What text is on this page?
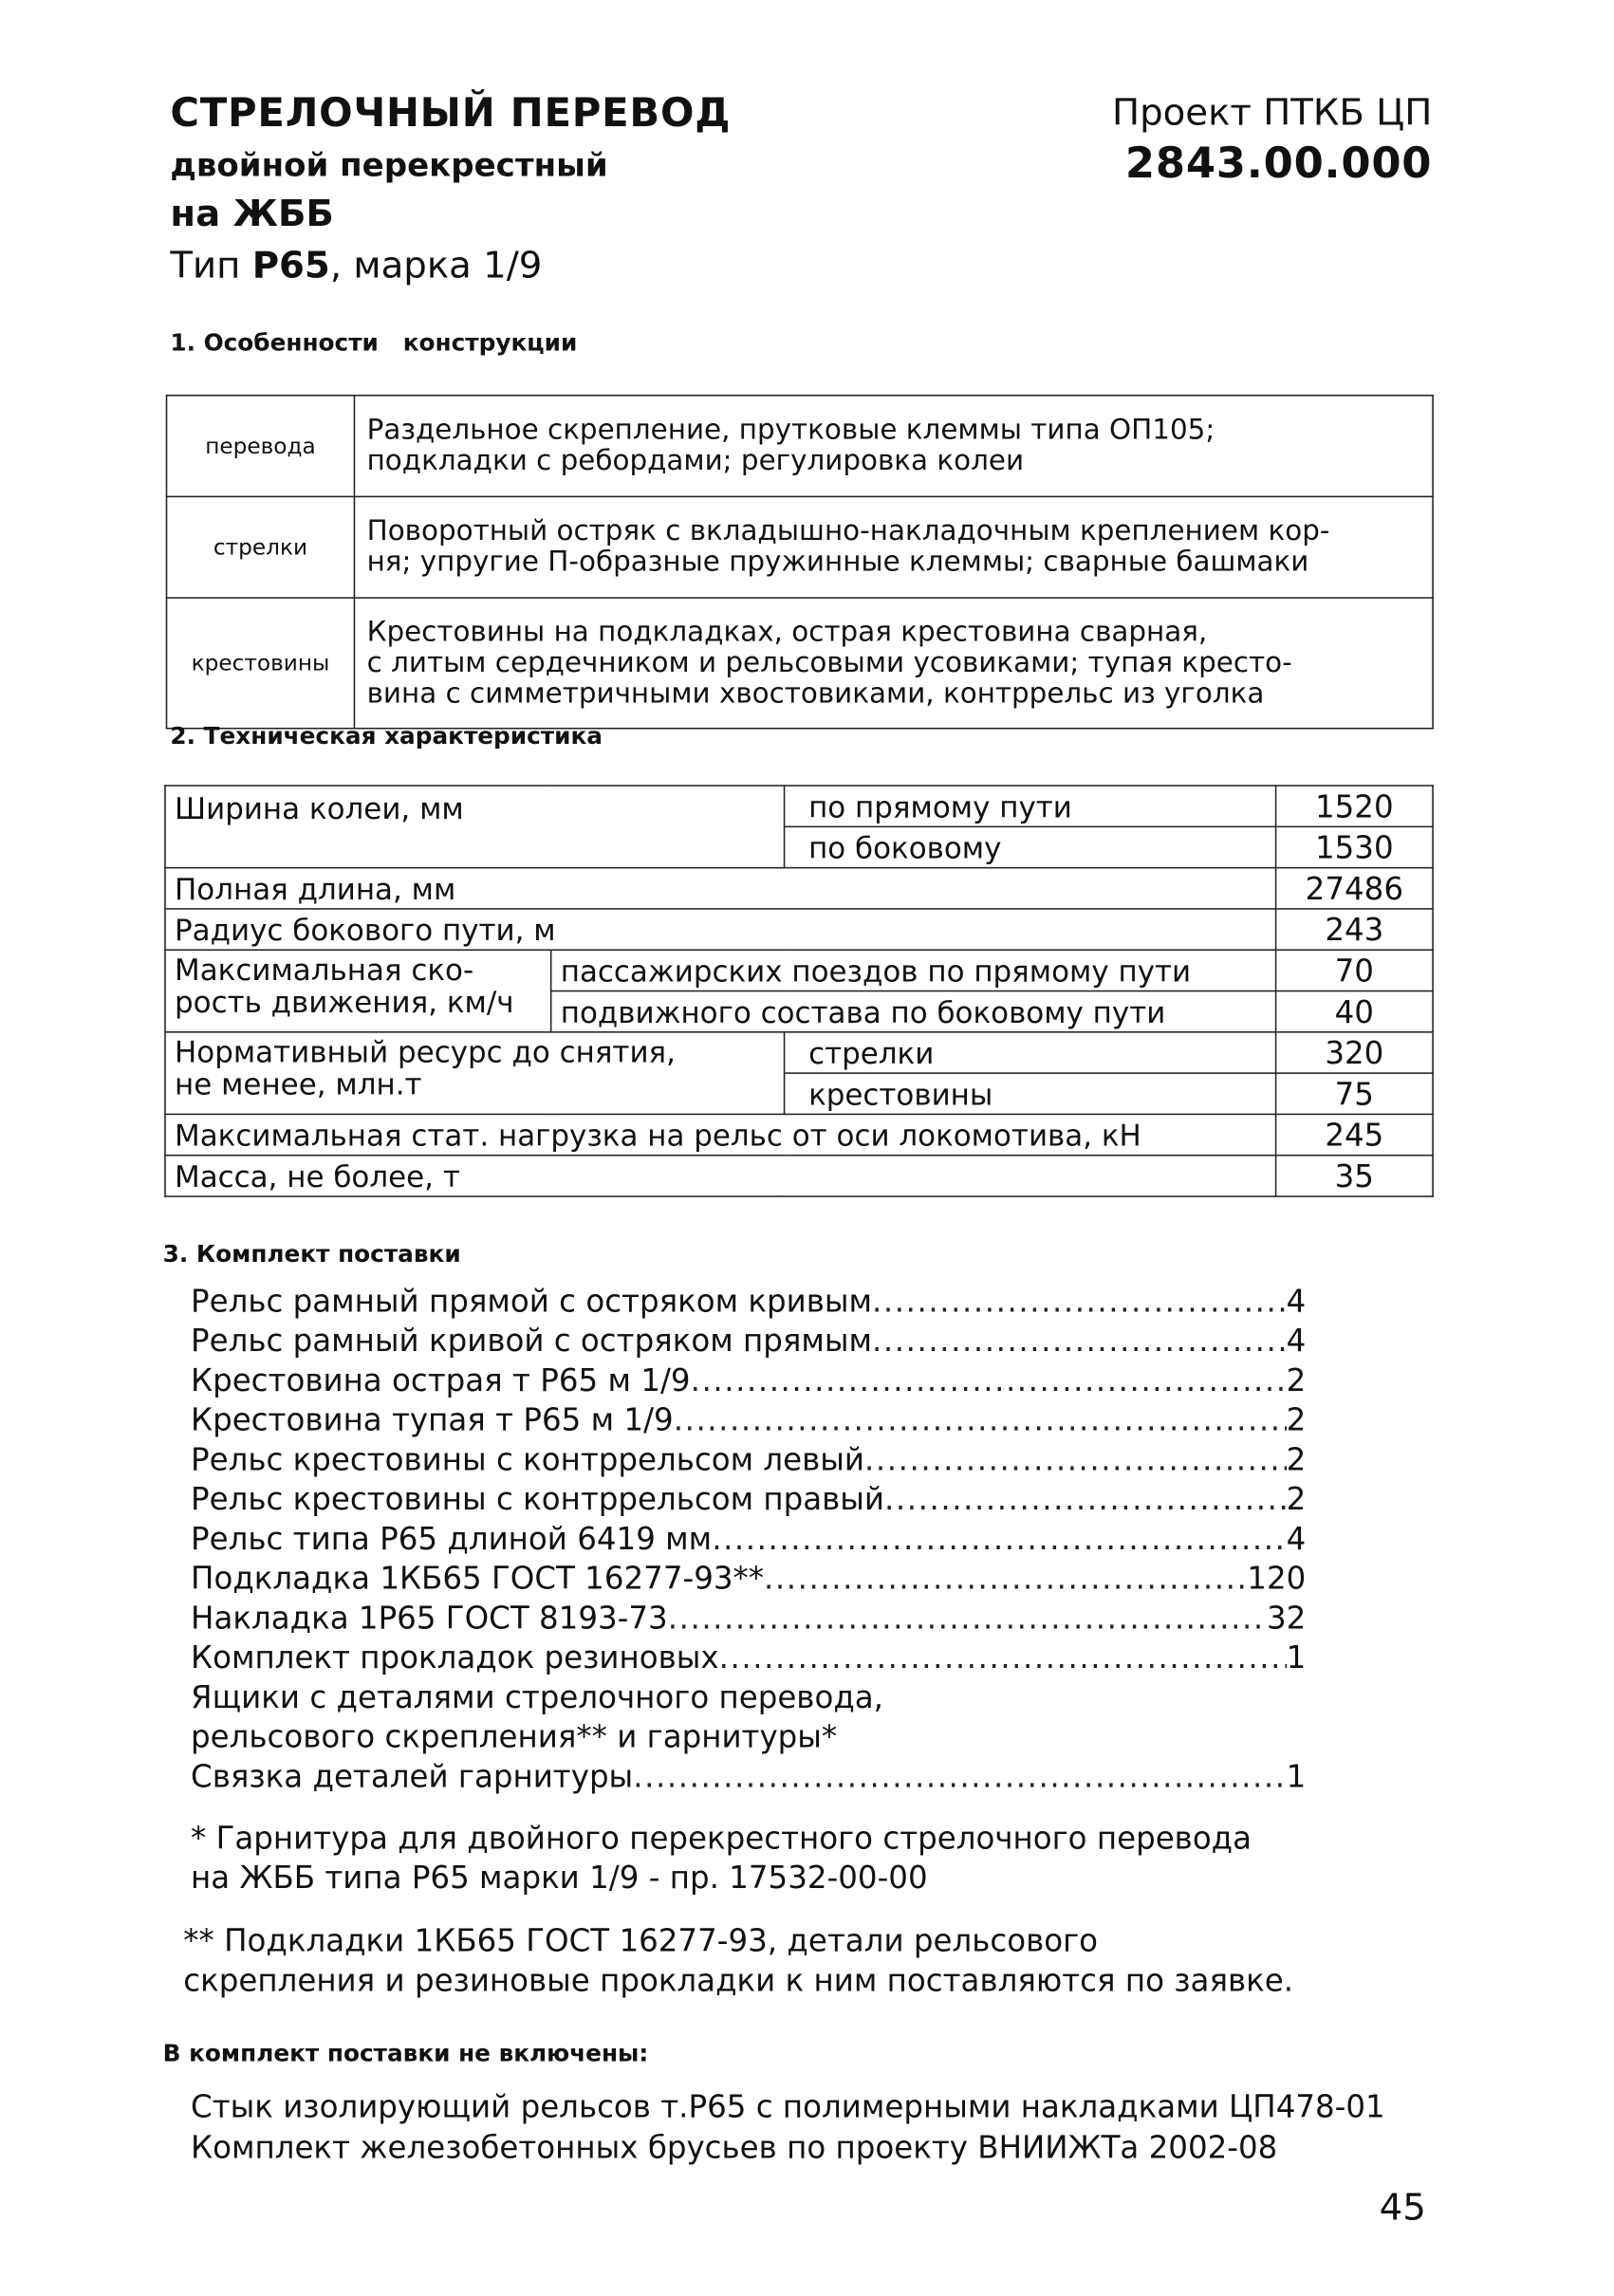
СТРЕЛОЧНЫЙ ПЕРЕВОД
двойной перекрестный
на ЖББ
Тип Р65, марка 1/9
Проект ПТКБ ЦП
2843.00.000
1. Особенности   конструкции
перевода	Раздельное скрепление, прутковые клеммы типа ОП105;
подкладки с ребордами; регулировка колеи

стрелки	Поворотный остряк с вкладышно-накладочным креплением кор-
ня; упругие П-образные пружинные клеммы; сварные башмаки

крестовины	Крестовины на подкладках, острая крестовина сварная,
с литым сердечником и рельсовыми усовиками; тупая кресто-
вина с симметричными хвостовиками, контррельс из уголка
2. Техническая характеристика
Ширина колеи, мм		по прямому пути	1520
		по боковому	1530
Полная длина, мм			27486
Радиус бокового пути, м			243

Максимальная ско-
рость движения, км/ч	пассажирских поездов по прямому пути		70
	подвижного состава по боковому пути		40

Нормативный ресурс до снятия,
не менее, млн.т		стрелки	320
		крестовины	75
Максимальная стат. нагрузка на рельс от оси локомотива, кН			245
Масса, не более, т			35
3. Комплект поставки
Рельс рамный прямой с остряком кривым .....	4
Рельс рамный кривой с остряком прямым .....	4
Крестовина острая т Р65 м 1/9 .....	2
Крестовина тупая т Р65 м 1/9 .....	2
Рельс крестовины с контррельсом левый .....	2
Рельс крестовины с контррельсом правый .....	2
Рельс типа Р65 длиной 6419 мм .....	4
Подкладка 1КБ65 ГОСТ 16277-93** .....	120
Накладка 1Р65 ГОСТ 8193-73 .....	32
Комплект прокладок резиновых .....	1
Ящики с деталями стрелочного перевода,
рельсового скрепления** и гарнитуры*
Связка деталей гарнитуры .....	1
* Гарнитура для двойного перекрестного стрелочного перевода
на ЖББ типа Р65 марки 1/9 - пр. 17532-00-00
** Подкладки 1КБ65 ГОСТ 16277-93, детали рельсового
скрепления и резиновые прокладки к ним поставляются по заявке.
В комплект поставки не включены:
Стык изолирующий рельсов т.Р65 с полимерными накладками ЦП478-01
Комплект железобетонных брусьев по проекту ВНИИЖТа 2002-08
45
